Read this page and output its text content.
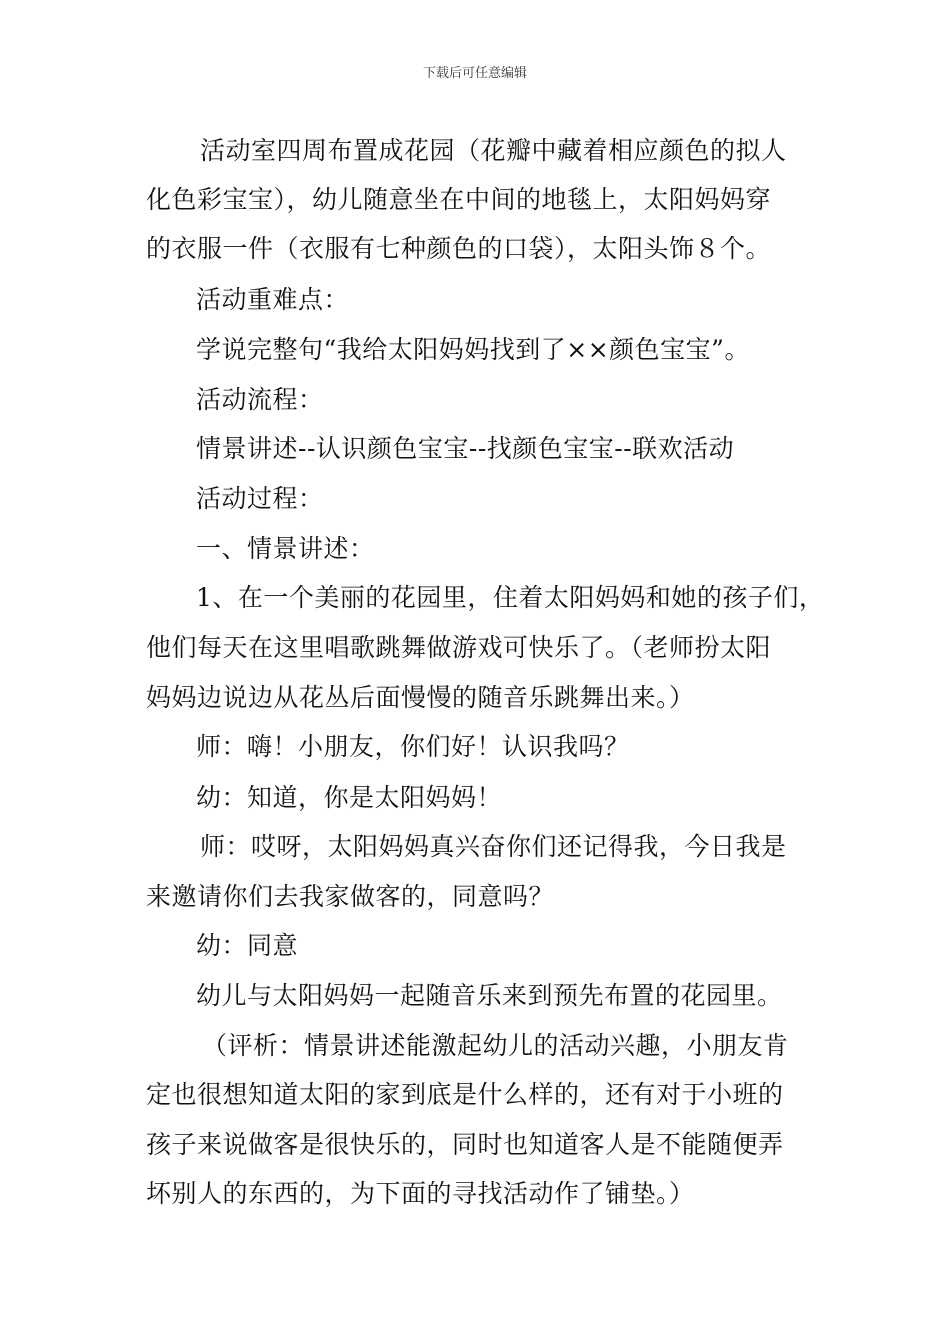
下载后可任意编辑
活动室四周布置成花园（花瓣中藏着相应颜色的拟人
化色彩宝宝），幼儿随意坐在中间的地毯上，太阳妈妈穿
的衣服一件（衣服有七种颜色的口袋），太阳头饰８个。
活动重难点：
学说完整句“我给太阳妈妈找到了××颜色宝宝”。
活动流程：
情景讲述--认识颜色宝宝--找颜色宝宝--联欢活动
活动过程：
一、情景讲述：
1、在一个美丽的花园里，住着太阳妈妈和她的孩子们，
他们每天在这里唱歌跳舞做游戏可快乐了。（老师扮太阳
妈妈边说边从花丛后面慢慢的随音乐跳舞出来。）
师：嗨！小朋友，你们好！认识我吗？
幼：知道，你是太阳妈妈！
师：哎呀，太阳妈妈真兴奋你们还记得我，今日我是
来邀请你们去我家做客的，同意吗？
幼：同意
幼儿与太阳妈妈一起随音乐来到预先布置的花园里。
（评析：情景讲述能激起幼儿的活动兴趣，小朋友肯
定也很想知道太阳的家到底是什么样的，还有对于小班的
孩子来说做客是很快乐的，同时也知道客人是不能随便弄
坏别人的东西的，为下面的寻找活动作了铺垫。）
